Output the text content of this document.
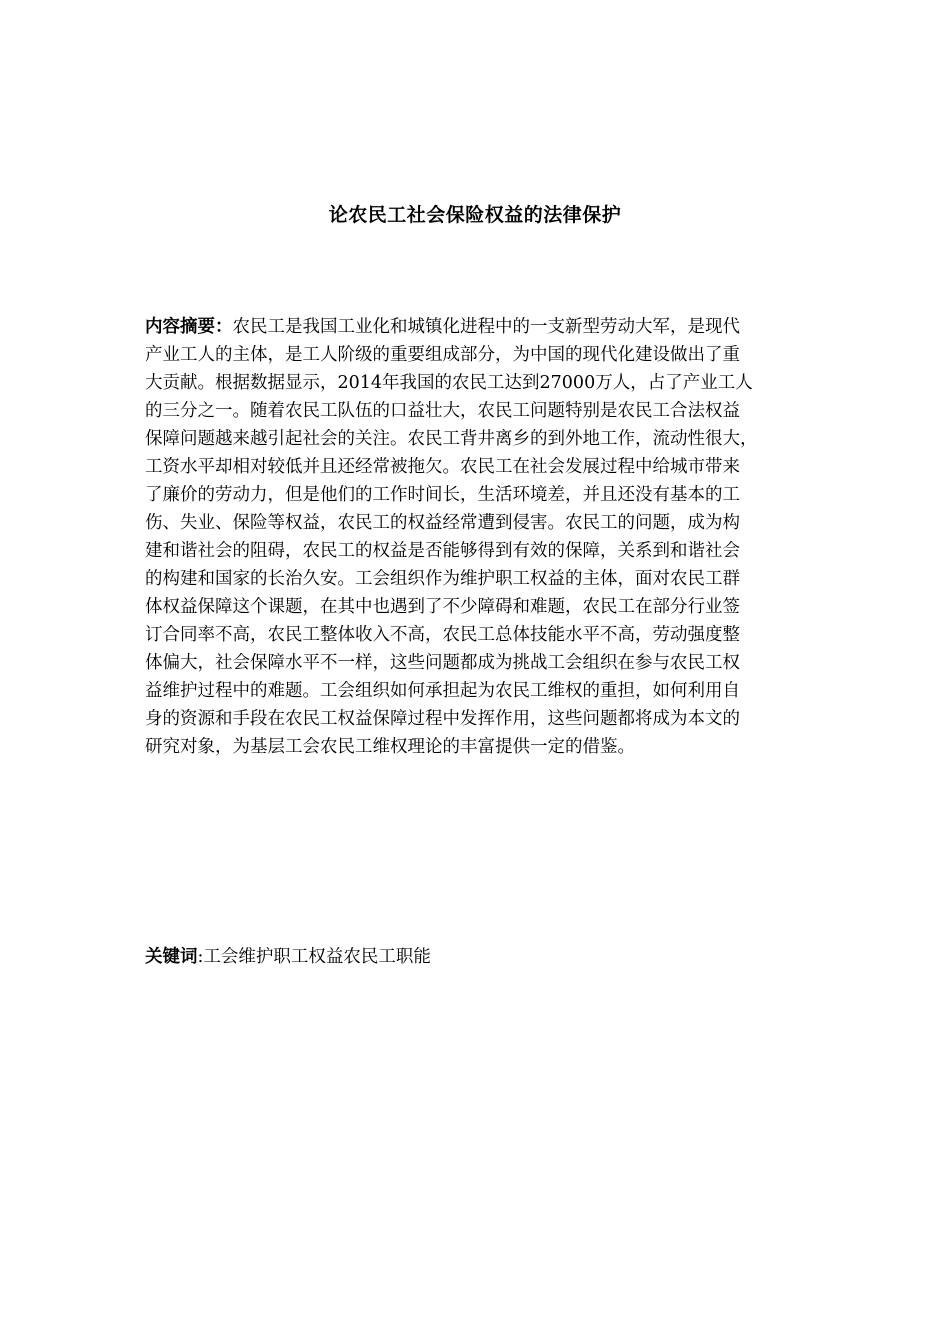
论农民工社会保险权益的法律保护
内容摘要：农民工是我国工业化和城镇化进程中的一支新型劳动大军，是现代
产业工人的主体，是工人阶级的重要组成部分，为中国的现代化建设做出了重
大贡献。根据数据显示，2014年我国的农民工达到27000万人，占了产业工人
的三分之一。随着农民工队伍的口益壮大，农民工问题特别是农民工合法权益
保障问题越来越引起社会的关注。农民工背井离乡的到外地工作，流动性很大，
工资水平却相对较低并且还经常被拖欠。农民工在社会发展过程中给城市带来
了廉价的劳动力，但是他们的工作时间长，生活环境差，并且还没有基本的工
伤、失业、保险等权益，农民工的权益经常遭到侵害。农民工的问题，成为构
建和谐社会的阻碍，农民工的权益是否能够得到有效的保障，关系到和谐社会
的构建和国家的长治久安。工会组织作为维护职工权益的主体，面对农民工群
体权益保障这个课题，在其中也遇到了不少障碍和难题，农民工在部分行业签
订合同率不高，农民工整体收入不高，农民工总体技能水平不高，劳动强度整
体偏大，社会保障水平不一样，这些问题都成为挑战工会组织在参与农民工权
益维护过程中的难题。工会组织如何承担起为农民工维权的重担，如何利用自
身的资源和手段在农民工权益保障过程中发挥作用，这些问题都将成为本文的
研究对象，为基层工会农民工维权理论的丰富提供一定的借鉴。
关键词:工会维护职工权益农民工职能
